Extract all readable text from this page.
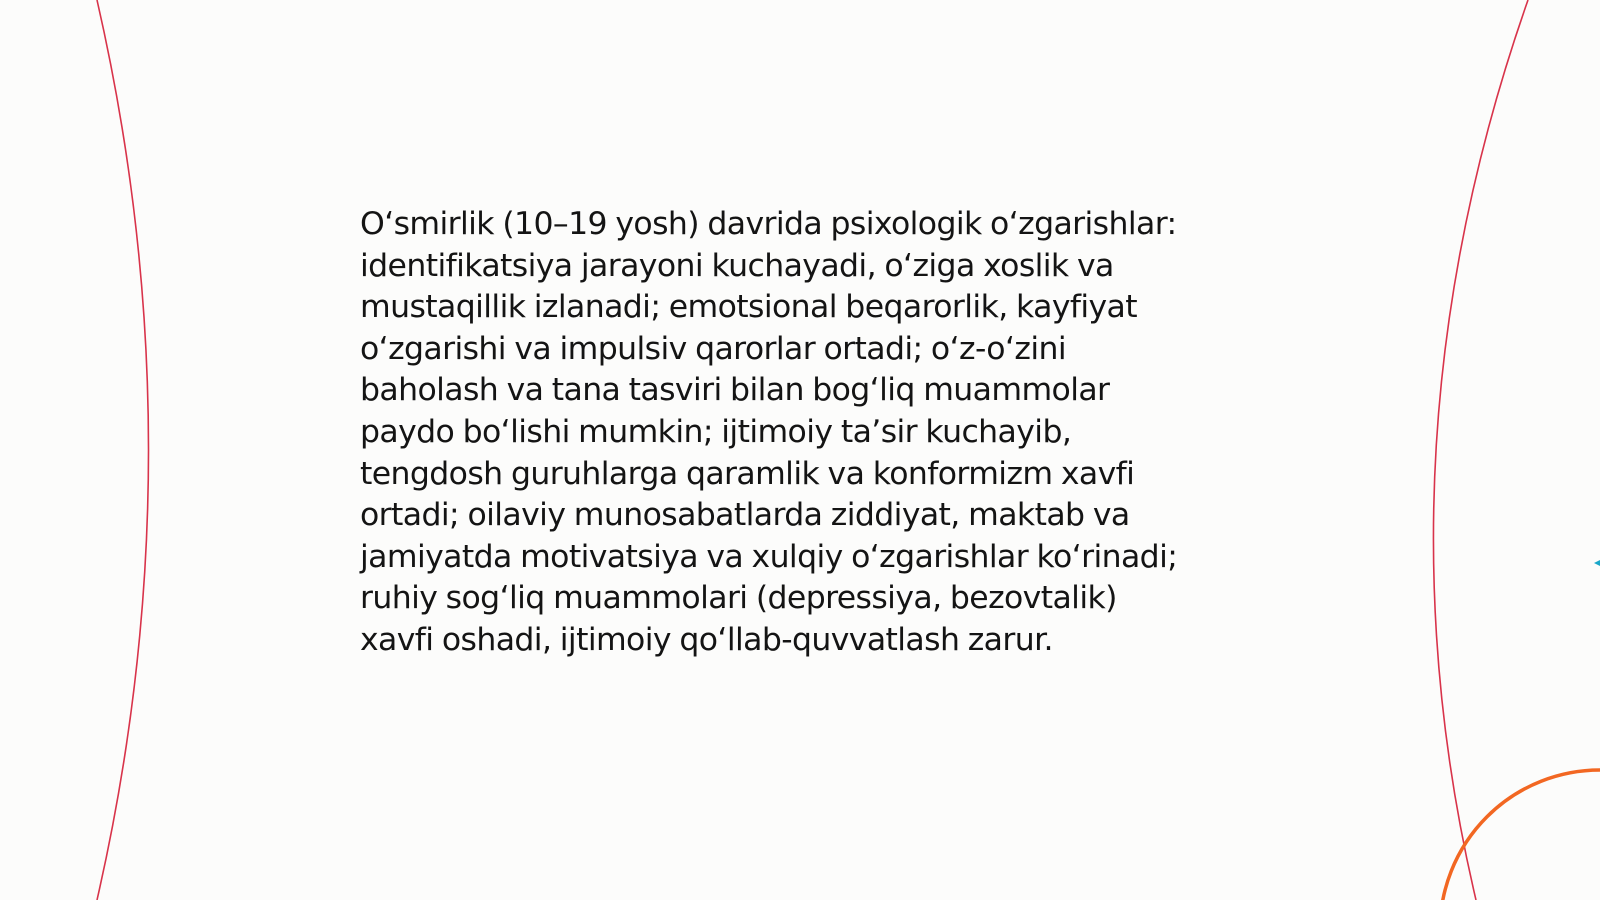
O‘smirlik (10–19 yosh) davrida psixologik o‘zgarishlar:
identifikatsiya jarayoni kuchayadi, o‘ziga xoslik va
mustaqillik izlanadi; emotsional beqarorlik, kayfiyat
o‘zgarishi va impulsiv qarorlar ortadi; o‘z-o‘zini
baholash va tana tasviri bilan bog‘liq muammolar
paydo bo‘lishi mumkin; ijtimoiy ta’sir kuchayib,
tengdosh guruhlarga qaramlik va konformizm xavfi
ortadi; oilaviy munosabatlarda ziddiyat, maktab va
jamiyatda motivatsiya va xulqiy o‘zgarishlar ko‘rinadi;
ruhiy sog‘liq muammolari (depressiya, bezovtalik)
xavfi oshadi, ijtimoiy qo‘llab-quvvatlash zarur.
